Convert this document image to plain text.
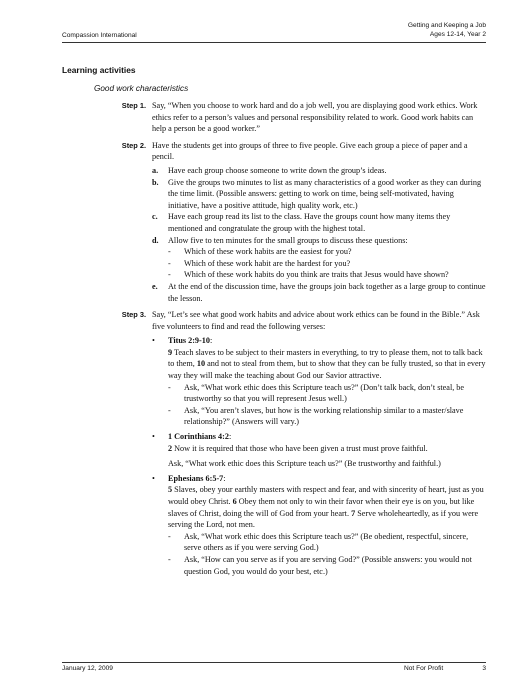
Compassion International
Getting and Keeping a Job
Ages 12-14, Year 2
Learning activities
Good work characteristics
Step 1. Say, “When you choose to work hard and do a job well, you are displaying good work ethics. Work ethics refer to a person’s values and personal responsibility related to work. Good work habits can help a person be a good worker.”

Step 2. Have the students get into groups of three to five people. Give each group a piece of paper and a pencil.

a.	Have each group choose someone to write down the group’s ideas.
b.	Give the groups two minutes to list as many characteristics of a good worker as they can during the time limit. (Possible answers: getting to work on time, being self-motivated, having initiative, have a positive attitude, high quality work, etc.)
c.	Have each group read its list to the class. Have the groups count how many items they mentioned and congratulate the group with the highest total.
d.	Allow five to ten minutes for the small groups to discuss these questions:
-	Which of these work habits are the easiest for you?
-	Which of these work habit are the hardest for you?
-	Which of these work habits do you think are traits that Jesus would have shown?
e.	At the end of the discussion time, have the groups join back together as a large group to continue the lesson.
Step 3. Say, “Let’s see what good work habits and advice about work ethics can be found in the Bible.” Ask five volunteers to find and read the following verses:

•	Titus 2:9-10:
9 Teach slaves to be subject to their masters in everything, to try to please them, not to talk back to them, 10 and not to steal from them, but to show that they can be fully trusted, so that in every way they will make the teaching about God our Savior attractive.
-	Ask, “What work ethic does this Scripture teach us?” (Don’t talk back, don’t steal, be trustworthy so that you will represent Jesus well.)
-	Ask, “You aren’t slaves, but how is the working relationship similar to a master/slave relationship?” (Answers will vary.)
•	1 Corinthians 4:2:
2 Now it is required that those who have been given a trust must prove faithful.
Ask, “What work ethic does this Scripture teach us?” (Be trustworthy and faithful.)
•	Ephesians 6:5-7:
5 Slaves, obey your earthly masters with respect and fear, and with sincerity of heart, just as you would obey Christ. 6 Obey them not only to win their favor when their eye is on you, but like slaves of Christ, doing the will of God from your heart. 7 Serve wholeheartedly, as if you were serving the Lord, not men.
-	Ask, “What work ethic does this Scripture teach us?” (Be obedient, respectful, sincere, serve others as if you were serving God.)
-	Ask, “How can you serve as if you are serving God?” (Possible answers: you would not question God, you would do your best, etc.)
January 12, 2009	Not For Profit	3
